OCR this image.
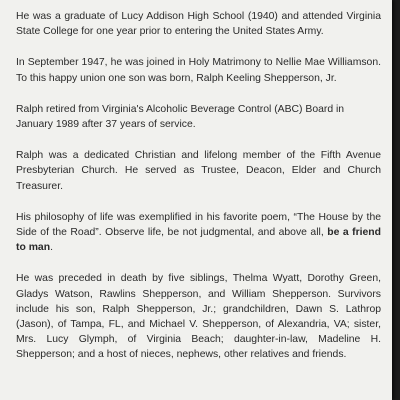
He was a graduate of Lucy Addison High School (1940) and attended Virginia State College for one year prior to entering the United States Army.

In September 1947, he was joined in Holy Matrimony to Nellie Mae Williamson. To this happy union one son was born, Ralph Keeling Shepperson, Jr.

Ralph retired from Virginia's Alcoholic Beverage Control (ABC) Board in January 1989 after 37 years of service.

Ralph was a dedicated Christian and lifelong member of the Fifth Avenue Presbyterian Church. He served as Trustee, Deacon, Elder and Church Treasurer.

His philosophy of life was exemplified in his favorite poem, “The House by the Side of the Road”. Observe life, be not judgmental, and above all, be a friend to man.

He was preceded in death by five siblings, Thelma Wyatt, Dorothy Green, Gladys Watson, Rawlins Shepperson, and William Shepperson. Survivors include his son, Ralph Shepperson, Jr.; grandchildren, Dawn S. Lathrop (Jason), of Tampa, FL, and Michael V. Shepperson, of Alexandria, VA; sister, Mrs. Lucy Glymph, of Virginia Beach; daughter-in-law, Madeline H. Shepperson; and a host of nieces, nephews, other relatives and friends.
